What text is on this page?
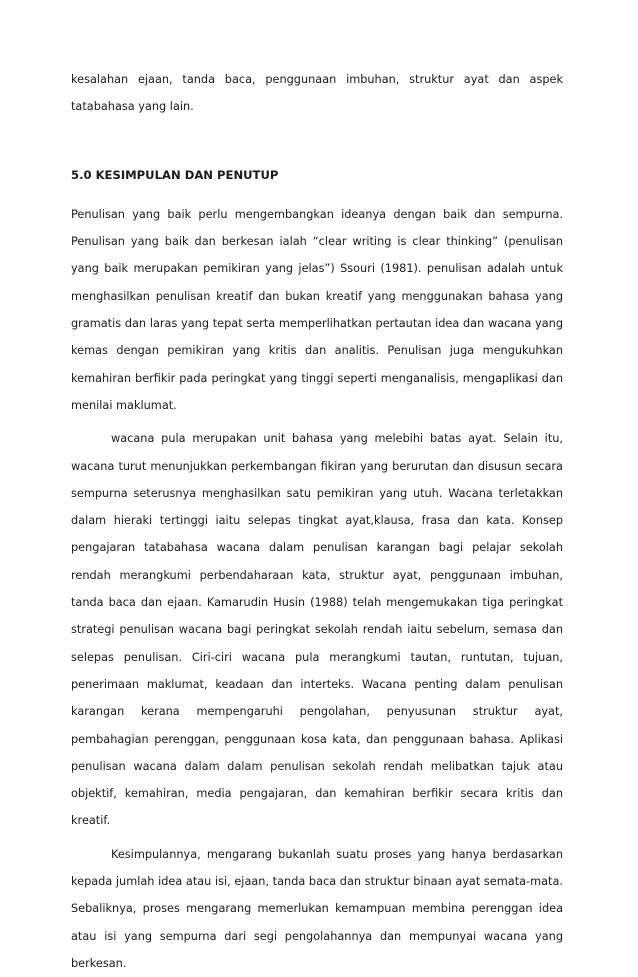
kesalahan ejaan, tanda baca, penggunaan imbuhan, struktur ayat dan aspek tatabahasa yang lain.

5.0 KESIMPULAN DAN PENUTUP

Penulisan yang baik perlu mengembangkan ideanya dengan baik dan sempurna. Penulisan yang baik dan berkesan ialah “clear writing is clear thinking” (penulisan yang baik merupakan pemikiran yang jelas”) Ssouri (1981). penulisan adalah untuk menghasilkan penulisan kreatif dan bukan kreatif yang menggunakan bahasa yang gramatis dan laras yang tepat serta memperlihatkan pertautan idea dan wacana yang kemas dengan pemikiran yang kritis dan analitis. Penulisan juga mengukuhkan kemahiran berfikir pada peringkat yang tinggi seperti menganalisis, mengaplikasi dan menilai maklumat.

wacana pula merupakan unit bahasa yang melebihi batas ayat. Selain itu, wacana turut menunjukkan perkembangan fikiran yang berurutan dan disusun secara sempurna seterusnya menghasilkan satu pemikiran yang utuh. Wacana terletakkan dalam hieraki tertinggi iaitu selepas tingkat ayat,klausa, frasa dan kata. Konsep pengajaran tatabahasa wacana dalam penulisan karangan bagi pelajar sekolah rendah merangkumi perbendaharaan kata, struktur ayat, penggunaan imbuhan, tanda baca dan ejaan. Kamarudin Husin (1988) telah mengemukakan tiga peringkat strategi penulisan wacana bagi peringkat sekolah rendah iaitu sebelum, semasa dan selepas penulisan. Ciri-ciri wacana pula merangkumi tautan, runtutan, tujuan, penerimaan maklumat, keadaan dan interteks. Wacana penting dalam penulisan karangan kerana mempengaruhi pengolahan, penyusunan struktur ayat, pembahagian perenggan, penggunaan kosa kata, dan penggunaan bahasa. Aplikasi penulisan wacana dalam dalam penulisan sekolah rendah melibatkan tajuk atau objektif, kemahiran, media pengajaran, dan kemahiran berfikir secara kritis dan kreatif.

Kesimpulannya, mengarang bukanlah suatu proses yang hanya berdasarkan kepada jumlah idea atau isi, ejaan, tanda baca dan struktur binaan ayat semata-mata. Sebaliknya, proses mengarang memerlukan kemampuan membina perenggan idea atau isi yang sempurna dari segi pengolahannya dan mempunyai wacana yang berkesan.
